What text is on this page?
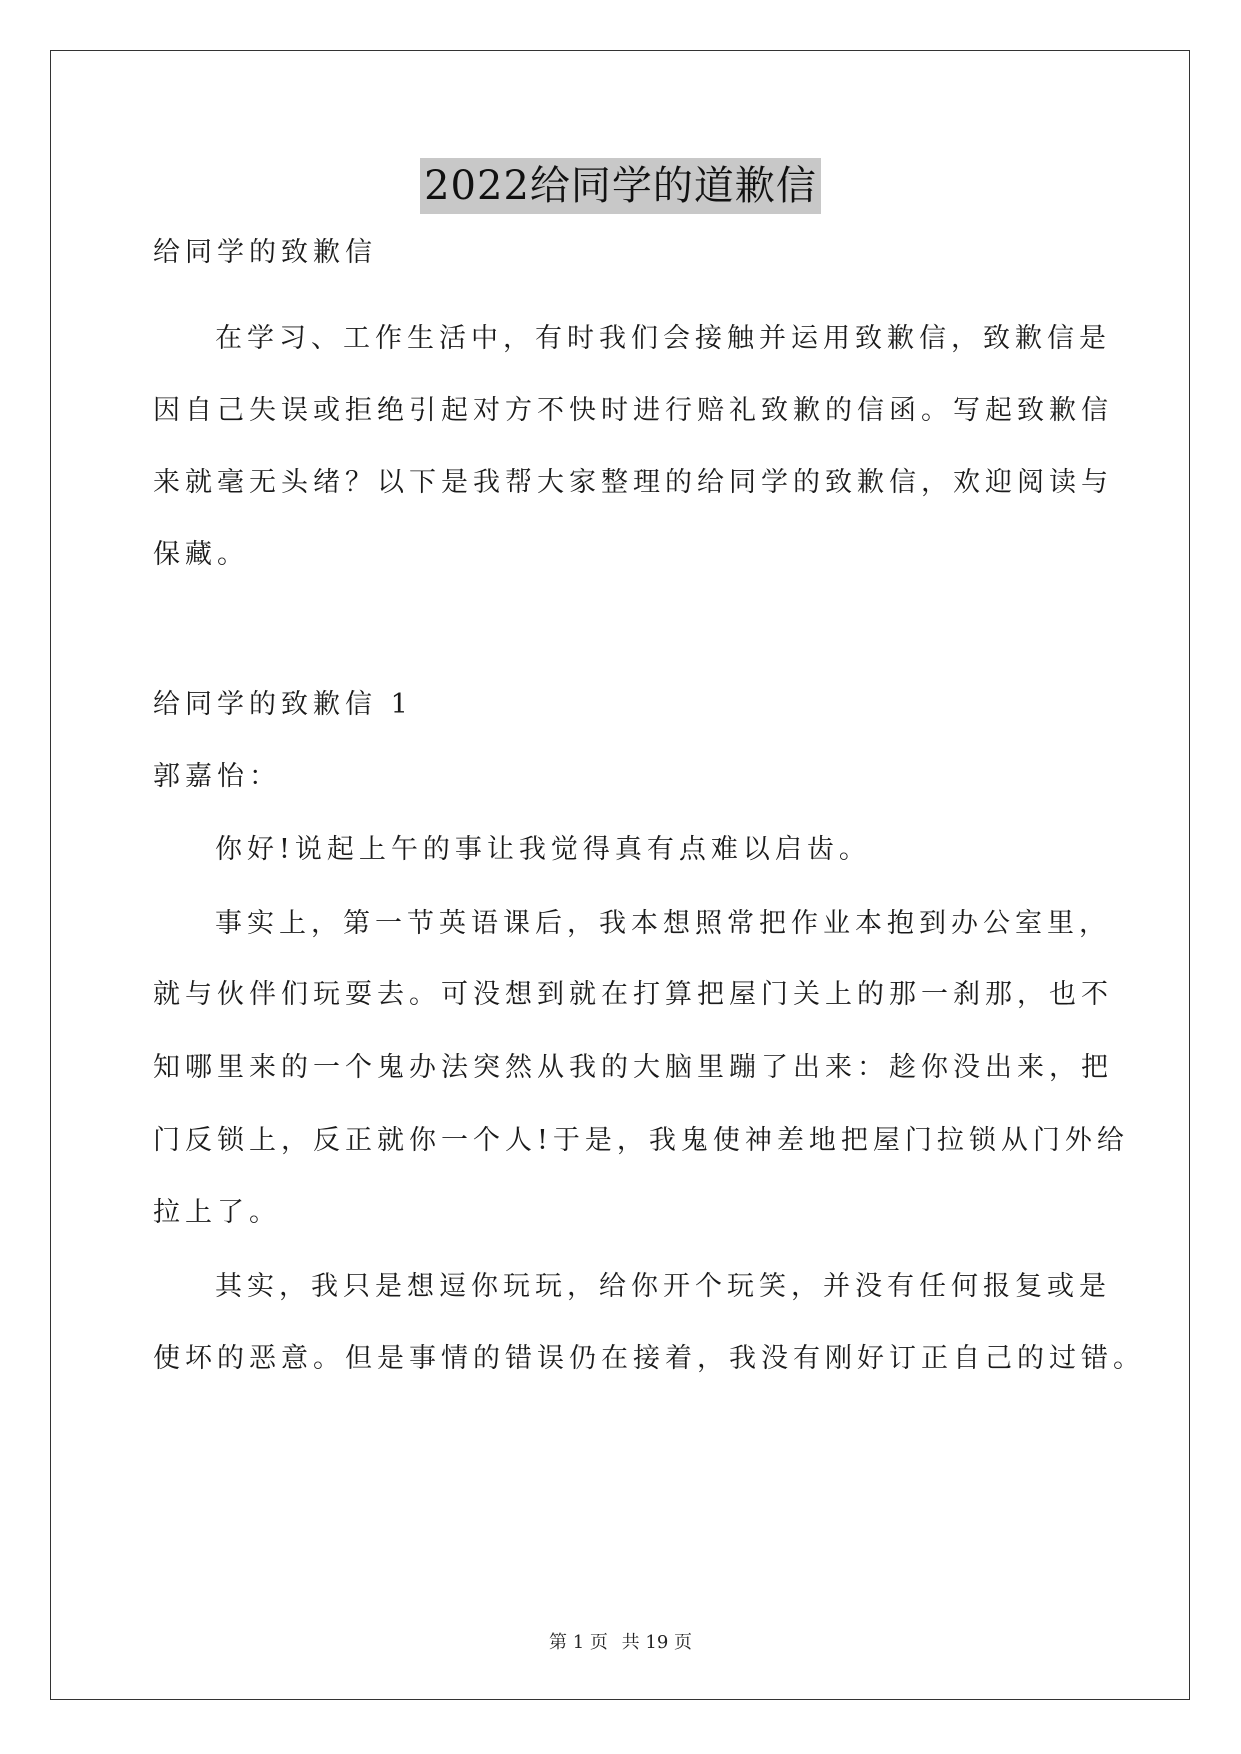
2022给同学的道歉信

给同学的致歉信

在学习、工作生活中，有时我们会接触并运用致歉信，致歉信是

因自己失误或拒绝引起对方不快时进行赔礼致歉的信函。写起致歉信

来就毫无头绪？以下是我帮大家整理的给同学的致歉信，欢迎阅读与

保藏。

给同学的致歉信 1

郭嘉怡：

你好!说起上午的事让我觉得真有点难以启齿。

事实上，第一节英语课后，我本想照常把作业本抱到办公室里，

就与伙伴们玩耍去。可没想到就在打算把屋门关上的那一刹那，也不

知哪里来的一个鬼办法突然从我的大脑里蹦了出来：趁你没出来，把

门反锁上，反正就你一个人!于是，我鬼使神差地把屋门拉锁从门外给

拉上了。

其实，我只是想逗你玩玩，给你开个玩笑，并没有任何报复或是

使坏的恶意。但是事情的错误仍在接着，我没有刚好订正自己的过错。

第 1 页 共 19 页
